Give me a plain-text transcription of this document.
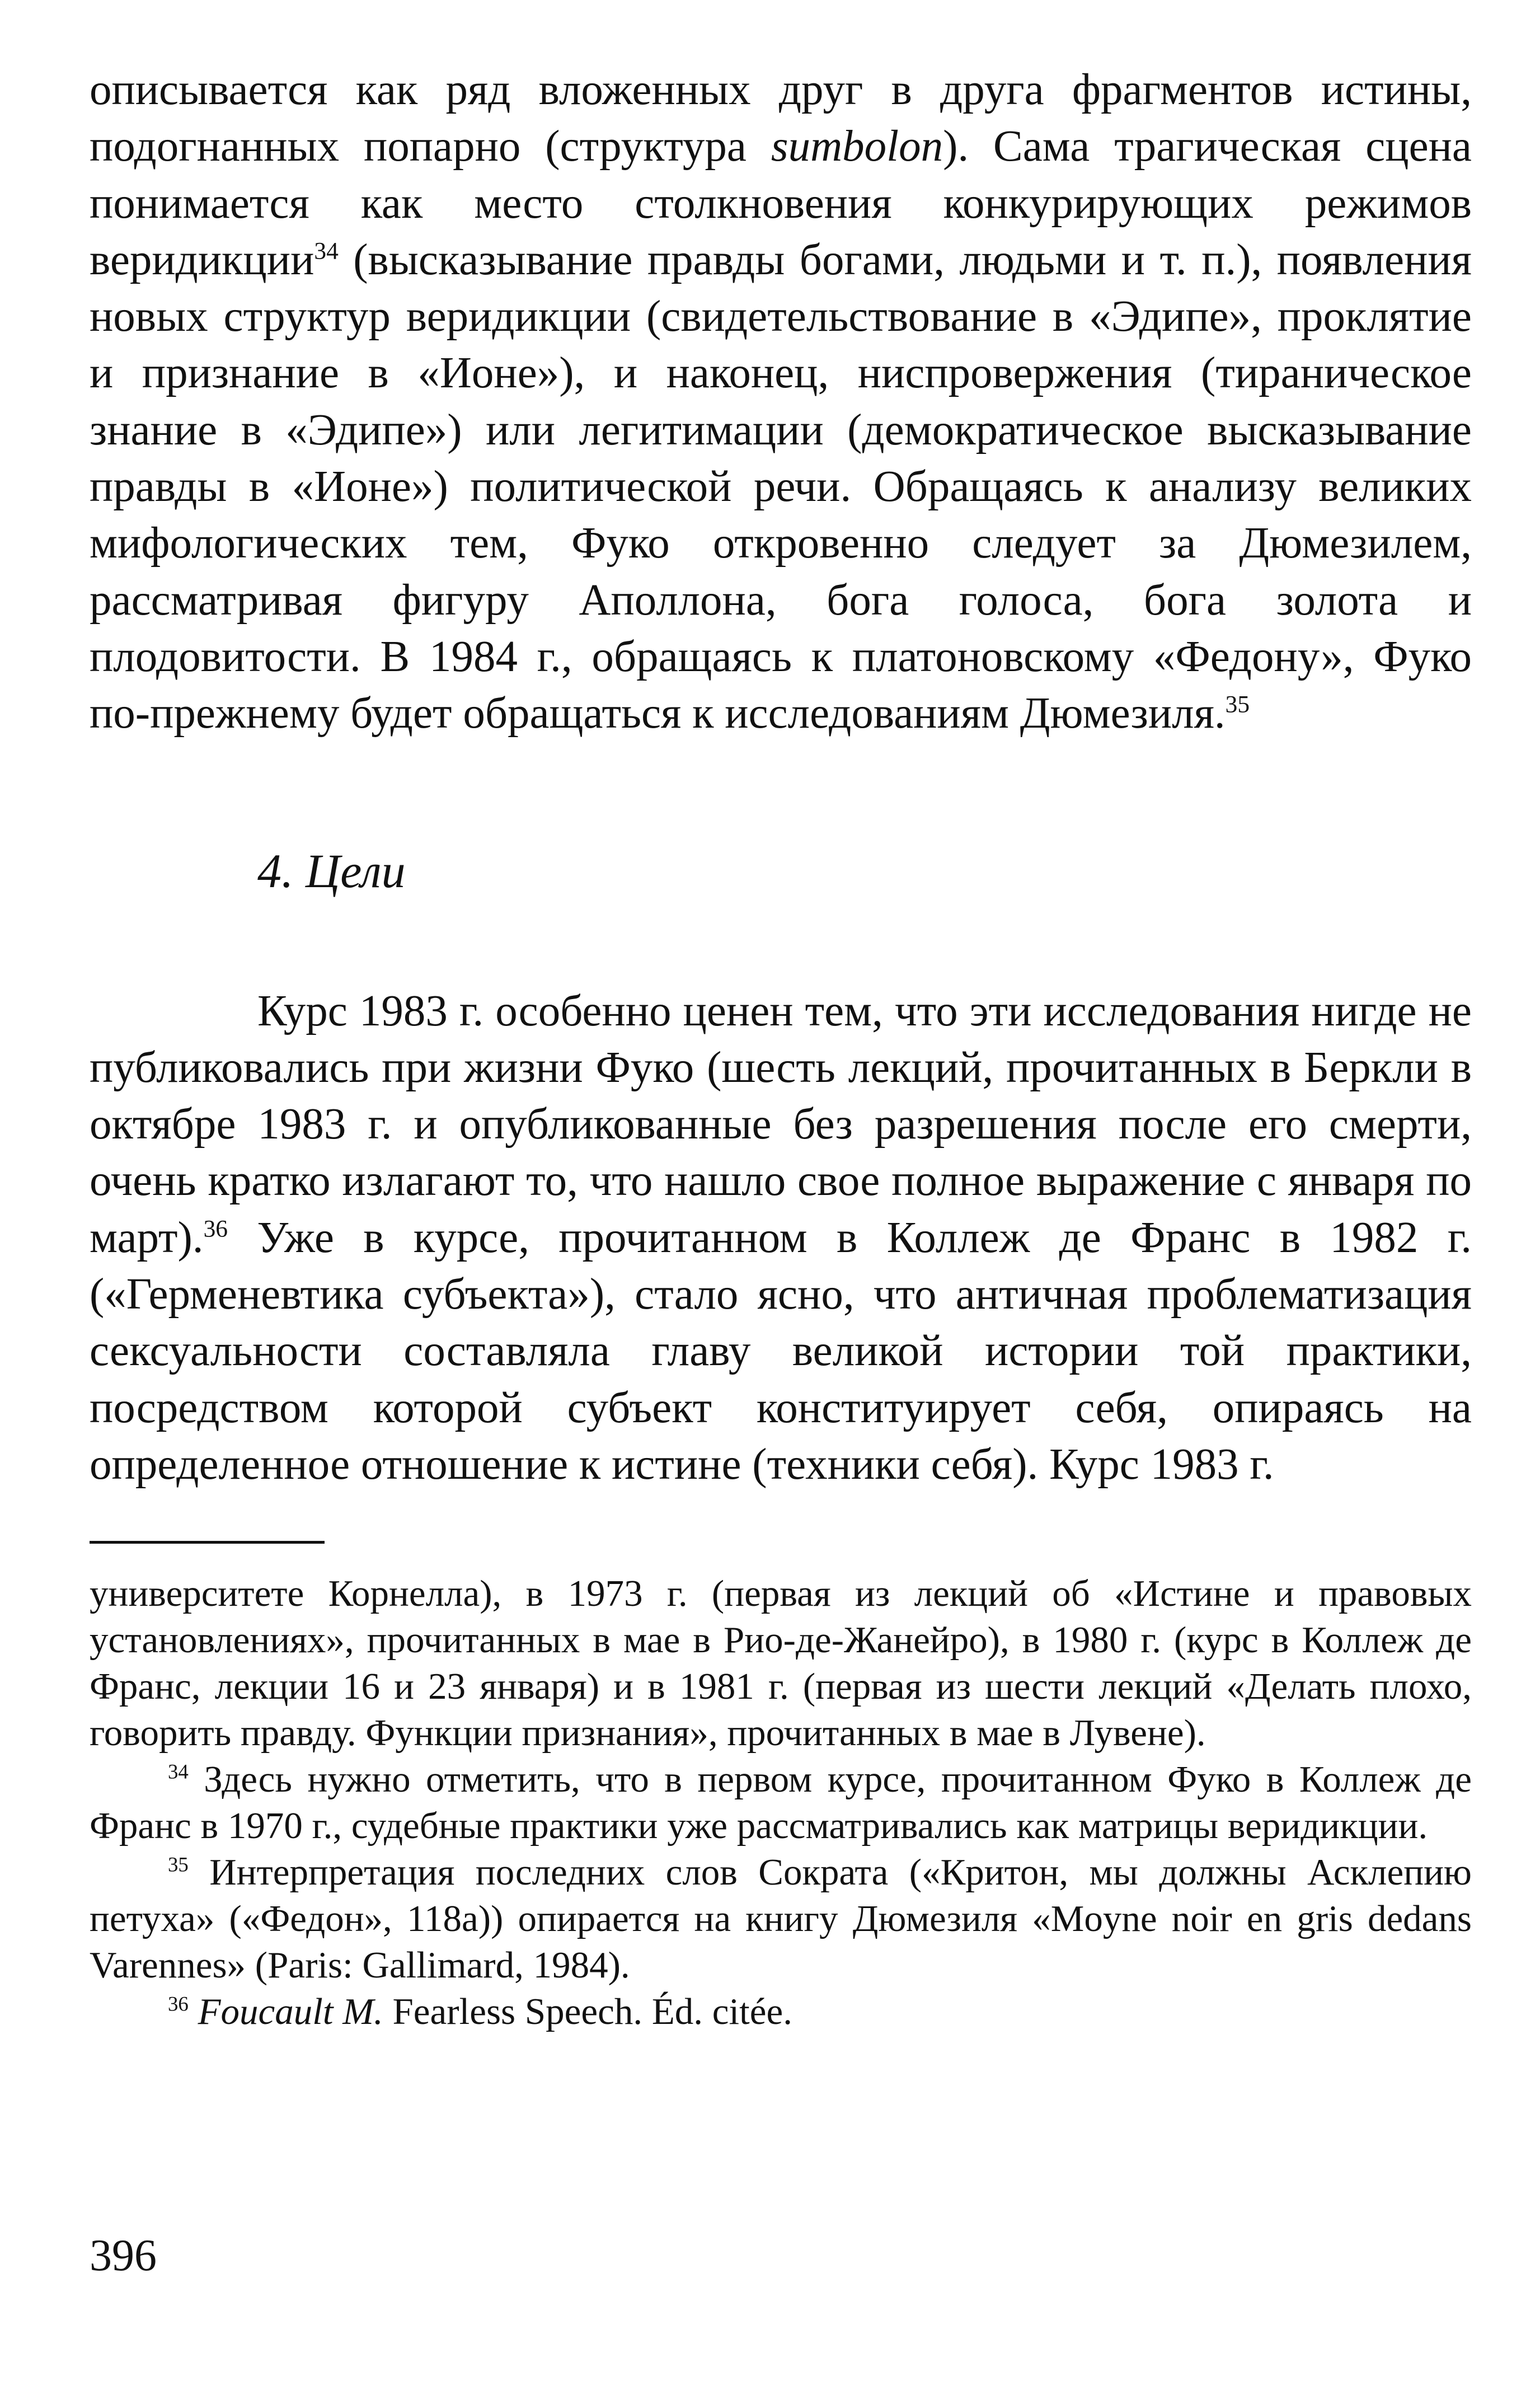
описывается как ряд вложенных друг в друга фрагментов истины, подогнанных попарно (структура sumbolon). Сама трагическая сцена понимается как место столкновения конкурирующих режимов веридикции$^{34}$ (высказывание правды богами, людьми и т. п.), появления новых структур веридикции (свидетельствование в «Эдипе», проклятие и признание в «Ионе»), и наконец, ниспровержения (тираническое знание в «Эдипе») или легитимации (демократическое высказывание правды в «Ионе») политической речи. Обращаясь к анализу великих мифологических тем, Фуко откровенно следует за Дюмезилем, рассматривая фигуру Аполлона, бога голоса, бога золота и плодовитости. В 1984 г., обращаясь к платоновскому «Федону», Фуко по-прежнему будет обращаться к исследованиям Дюмезиля.$^{35}$

4. Цели

Курс 1983 г. особенно ценен тем, что эти исследования нигде не публиковались при жизни Фуко (шесть лекций, прочитанных в Беркли в октябре 1983 г. и опубликованные без разрешения после его смерти, очень кратко излагают то, что нашло свое полное выражение с января по март).$^{36}$ Уже в курсе, прочитанном в Коллеж де Франс в 1982 г. («Герменевтика субъекта»), стало ясно, что античная проблематизация сексуальности составляла главу великой истории той практики, посредством которой субъект конституирует себя, опираясь на определенное отношение к истине (техники себя). Курс 1983 г.

университете Корнелла), в 1973 г. (первая из лекций об «Истине и правовых установлениях», прочитанных в мае в Рио-де-Жанейро), в 1980 г. (курс в Коллеж де Франс, лекции 16 и 23 января) и в 1981 г. (первая из шести лекций «Делать плохо, говорить правду. Функции признания», прочитанных в мае в Лувене).

$^{34}$ Здесь нужно отметить, что в первом курсе, прочитанном Фуко в Коллеж де Франс в 1970 г., судебные практики уже рассматривались как матрицы веридикции.

$^{35}$ Интерпретация последних слов Сократа («Критон, мы должны Асклепию петуха» («Федон», 118а)) опирается на книгу Дюмезиля «Moyne noir en gris dedans Varennes» (Paris: Gallimard, 1984).

$^{36}$ Foucault M. Fearless Speech. Éd. citée.

396
